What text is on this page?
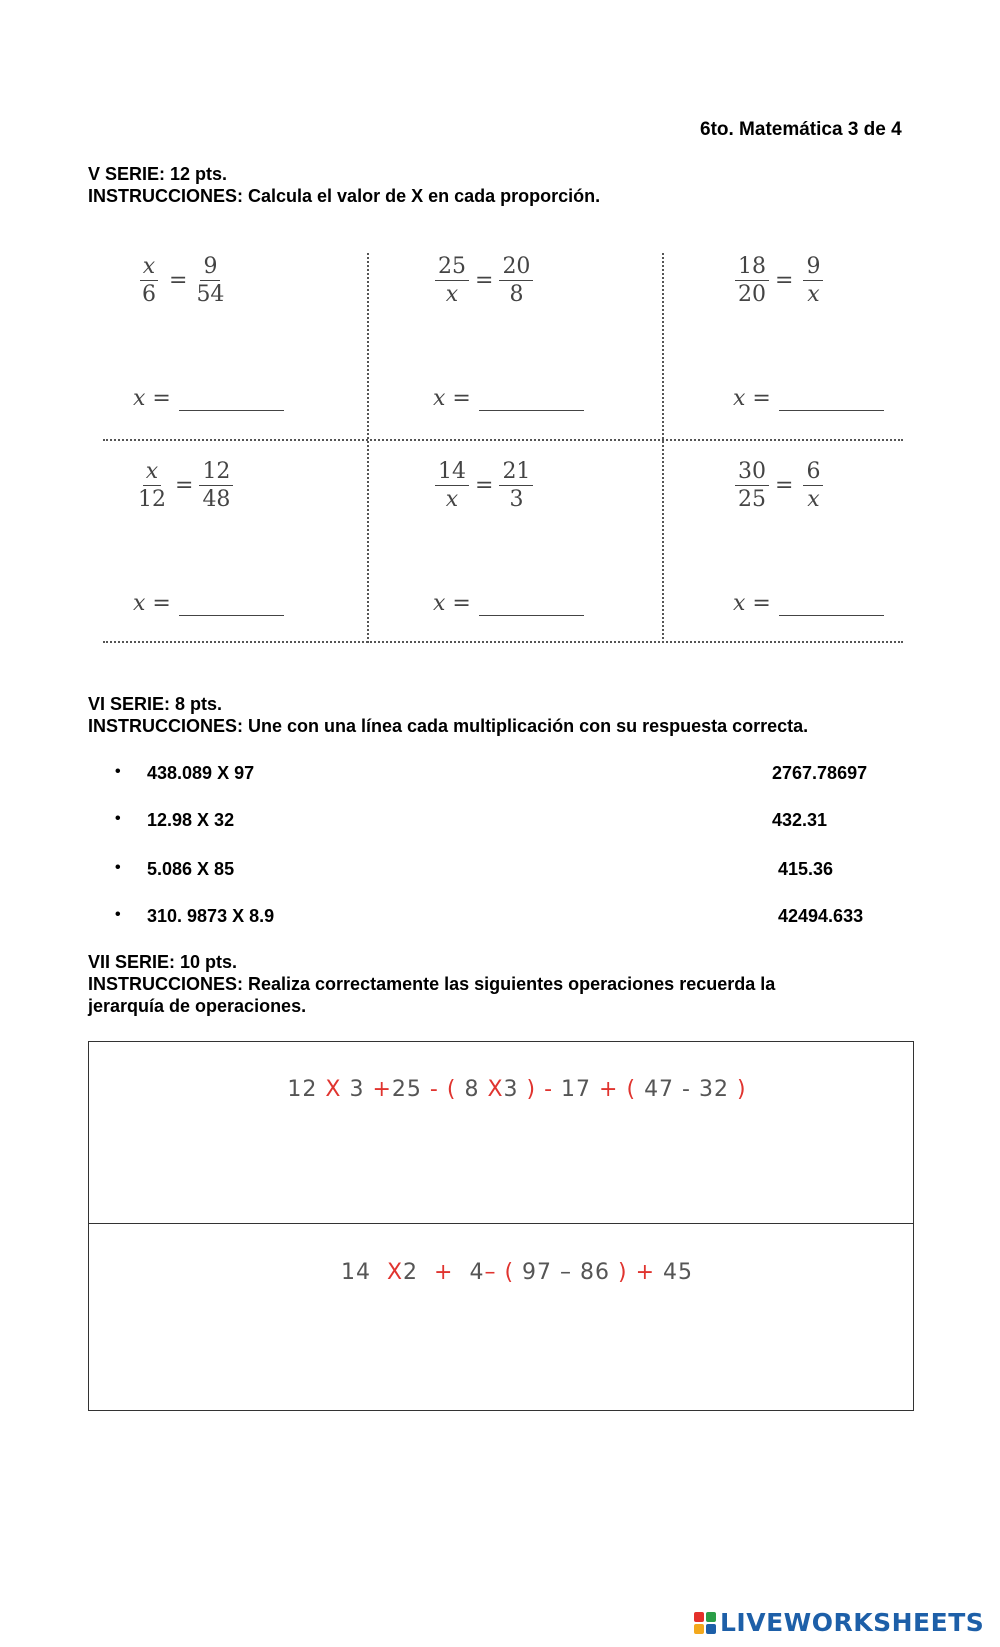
6to. Matemática 3 de 4
V SERIE: 12 pts.
INSTRUCCIONES: Calcula el valor de X en cada proporción.
$\frac{x}{6} = \frac{9}{54}$
x =
$\frac{25}{x} = \frac{20}{8}$
x =
$\frac{18}{20} = \frac{9}{x}$
x =
$\frac{x}{12} = \frac{12}{48}$
x =
$\frac{14}{x} = \frac{21}{3}$
x =
$\frac{30}{25} = \frac{6}{x}$
x =
VI SERIE: 8 pts.
INSTRUCCIONES: Une con una línea cada multiplicación con su respuesta correcta.
• 438.089 X 97	2767.78697
• 12.98 X 32	432.31
• 5.086 X 85	415.36
• 310. 9873 X 8.9	42494.633
VII SERIE: 10 pts.
INSTRUCCIONES: Realiza correctamente las siguientes operaciones recuerda la
jerarquía de operaciones.

12 X 3 +25 - ( 8 X3 ) - 17 + ( 47 - 32 )

14  X2  +  4– ( 97 – 86 ) + 45

LIVEWORKSHEETS
